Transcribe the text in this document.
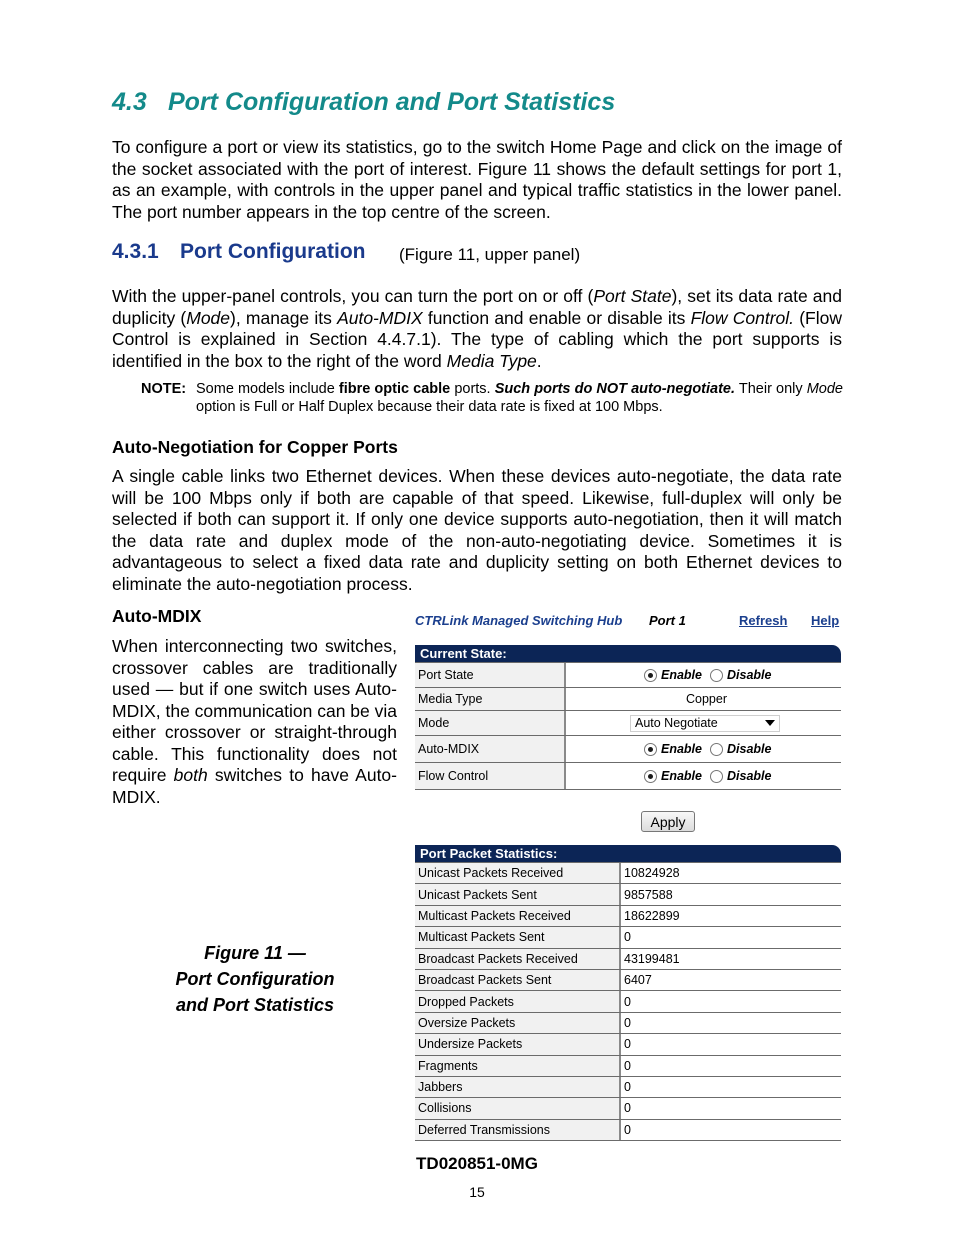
4.3 Port Configuration and Port Statistics
To configure a port or view its statistics, go to the switch Home Page and click on the image of the socket associated with the port of interest. Figure 11 shows the default settings for port 1, as an example, with controls in the upper panel and typical traffic statistics in the lower panel. The port number appears in the top centre of the screen.
4.3.1 Port Configuration (Figure 11, upper panel)
With the upper-panel controls, you can turn the port on or off (Port State), set its data rate and duplicity (Mode), manage its Auto-MDIX function and enable or disable its Flow Control. (Flow Control is explained in Section 4.4.7.1). The type of cabling which the port supports is identified in the box to the right of the word Media Type.
NOTE: Some models include fibre optic cable ports. Such ports do NOT auto-negotiate. Their only Mode option is Full or Half Duplex because their data rate is fixed at 100 Mbps.
Auto-Negotiation for Copper Ports
A single cable links two Ethernet devices. When these devices auto-negotiate, the data rate will be 100 Mbps only if both are capable of that speed. Likewise, full-duplex will only be selected if both can support it. If only one device supports auto-negotiation, then it will match the data rate and duplex mode of the non-auto-negotiating device. Sometimes it is advantageous to select a fixed data rate and duplicity setting on both Ethernet devices to eliminate the auto-negotiation process.
Auto-MDIX
When interconnecting two switches, crossover cables are traditionally used — but if one switch uses Auto-MDIX, the communication can be via either crossover or straight-through cable. This functionality does not require both switches to have Auto-MDIX.
Figure 11 —
Port Configuration
and Port Statistics
CTRLink Managed Switching Hub Port 1	Refresh Help
Current State:
Port State	Enable Disable
Media Type	Copper
Mode	Auto Negotiate
Auto-MDIX	Enable Disable
Flow Control	Enable Disable
Apply
Port Packet Statistics:
Unicast Packets Received	10824928
Unicast Packets Sent	9857588
Multicast Packets Received	18622899
Multicast Packets Sent	0
Broadcast Packets Received	43199481
Broadcast Packets Sent	6407
Dropped Packets	0
Oversize Packets	0
Undersize Packets	0
Fragments	0
Jabbers	0
Collisions	0
Deferred Transmissions	0
TD020851-0MG
15
